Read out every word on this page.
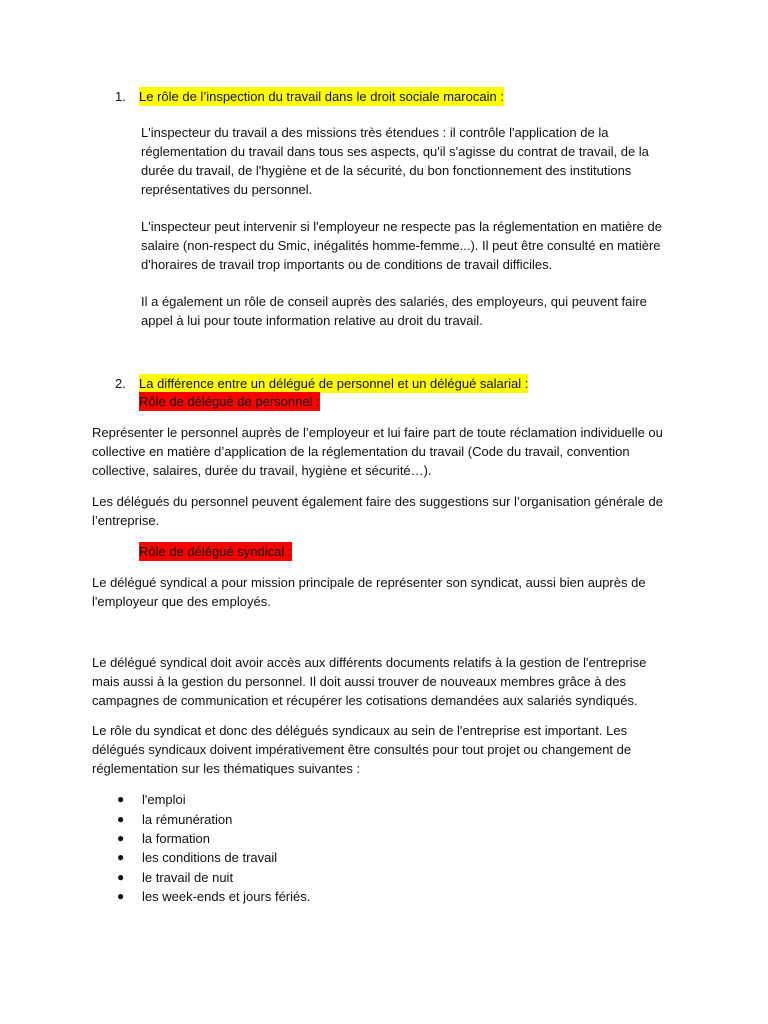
1. Le rôle de l’inspection du travail dans le droit sociale marocain :
L'inspecteur du travail a des missions très étendues : il contrôle l'application de la
réglementation du travail dans tous ses aspects, qu'il s'agisse du contrat de travail, de la
durée du travail, de l'hygiène et de la sécurité, du bon fonctionnement des institutions
représentatives du personnel.
L'inspecteur peut intervenir si l'employeur ne respecte pas la réglementation en matière de
salaire (non-respect du Smic, inégalités homme-femme...). Il peut être consulté en matière
d'horaires de travail trop importants ou de conditions de travail difficiles.
Il a également un rôle de conseil auprès des salariés, des employeurs, qui peuvent faire
appel à lui pour toute information relative au droit du travail.
2. La différence entre un délégué de personnel et un délégué salarial :
Rôle de délégué de personnel :
Représenter le personnel auprès de l’employeur et lui faire part de toute réclamation individuelle ou
collective en matière d’application de la réglementation du travail (Code du travail, convention
collective, salaires, durée du travail, hygiène et sécurité…).
Les délégués du personnel peuvent également faire des suggestions sur l’organisation générale de
l’entreprise.
Rôle de délégué syndical :
Le délégué syndical a pour mission principale de représenter son syndicat, aussi bien auprès de
l'employeur que des employés.
Le délégué syndical doit avoir accès aux différents documents relatifs à la gestion de l'entreprise
mais aussi à la gestion du personnel. Il doit aussi trouver de nouveaux membres grâce à des
campagnes de communication et récupérer les cotisations demandées aux salariés syndiqués.
Le rôle du syndicat et donc des délégués syndicaux au sein de l'entreprise est important. Les
délégués syndicaux doivent impérativement être consultés pour tout projet ou changement de
réglementation sur les thématiques suivantes :
● l'emploi
● la rémunération
● la formation
● les conditions de travail
● le travail de nuit
● les week-ends et jours fériés.
